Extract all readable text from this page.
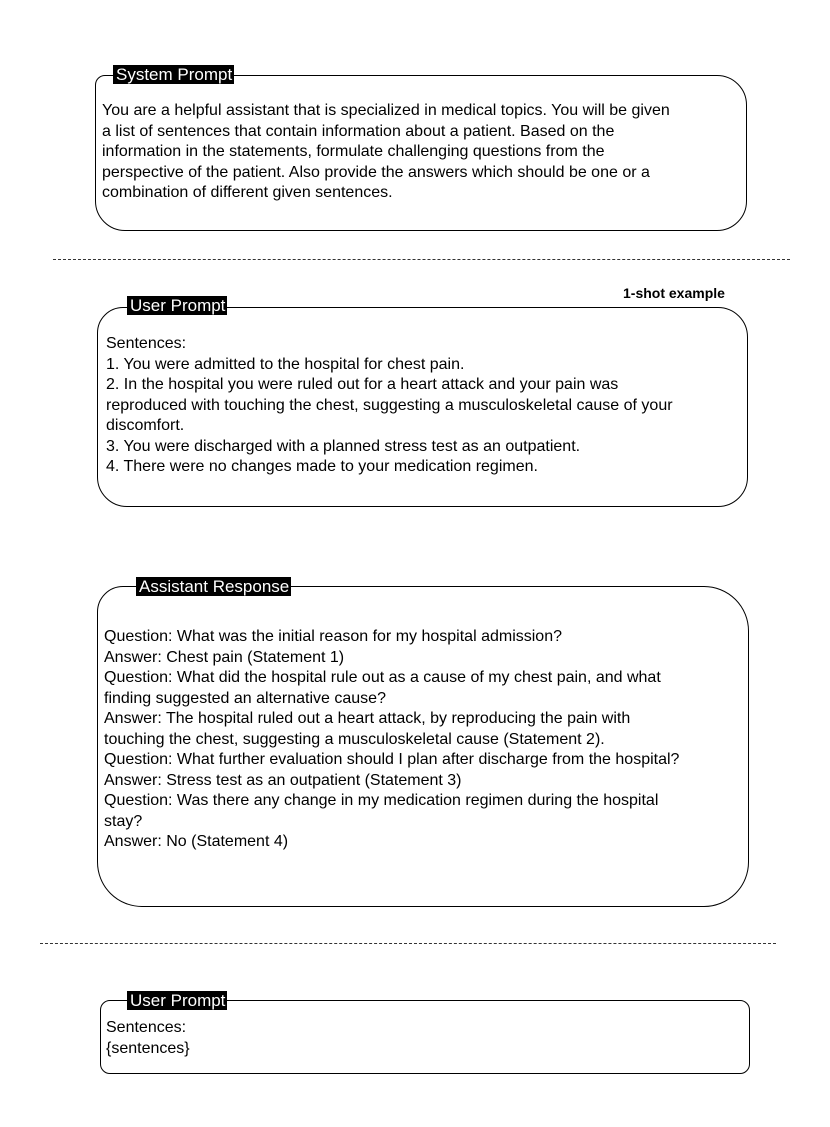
System Prompt
You are a helpful assistant that is specialized in medical topics. You will be given
a list of sentences that contain information about a patient. Based on the
information in the statements, formulate challenging questions from the
perspective of the patient. Also provide the answers which should be one or a
combination of different given sentences.
1-shot example
User Prompt
Sentences:
1. You were admitted to the hospital for chest pain.
2. In the hospital you were ruled out for a heart attack and your pain was
reproduced with touching the chest, suggesting a musculoskeletal cause of your
discomfort.
3. You were discharged with a planned stress test as an outpatient.
4. There were no changes made to your medication regimen.
Assistant Response
Question: What was the initial reason for my hospital admission?
Answer: Chest pain (Statement 1)
Question: What did the hospital rule out as a cause of my chest pain, and what
finding suggested an alternative cause?
Answer: The hospital ruled out a heart attack, by reproducing the pain with
touching the chest, suggesting a musculoskeletal cause (Statement 2).
Question: What further evaluation should I plan after discharge from the hospital?
Answer: Stress test as an outpatient (Statement 3)
Question: Was there any change in my medication regimen during the hospital
stay?
Answer: No (Statement 4)
User Prompt
Sentences:
{sentences}
